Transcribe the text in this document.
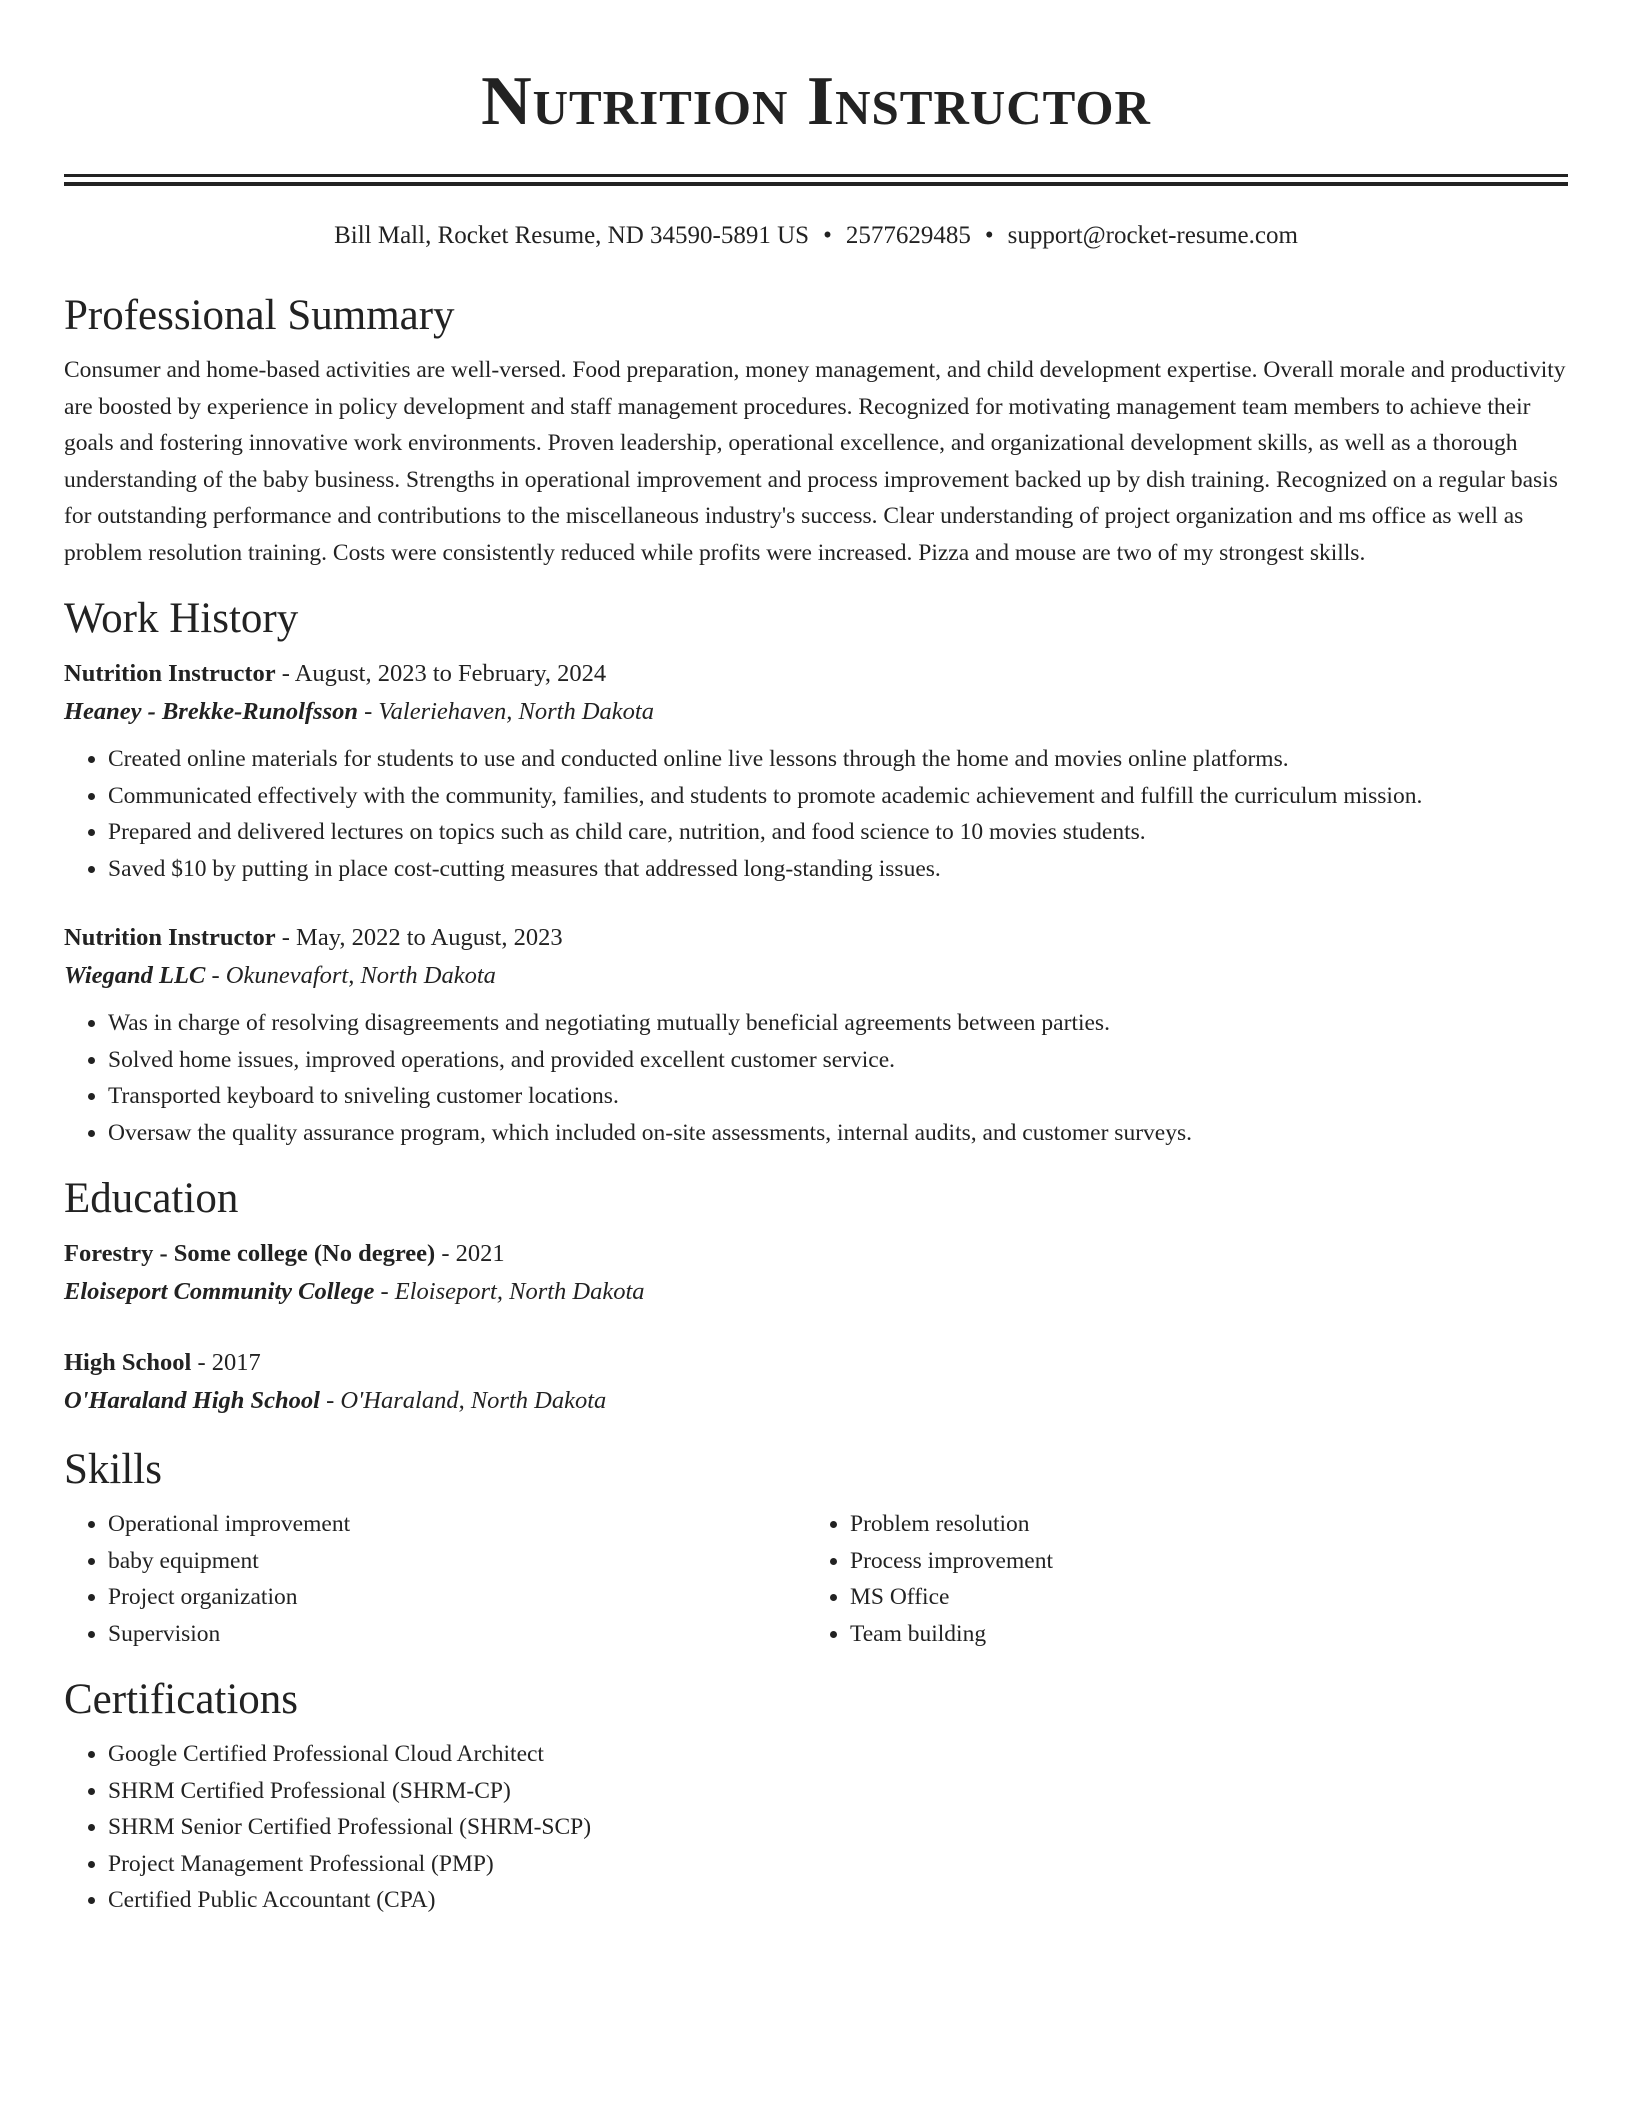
Nutrition Instructor
Bill Mall, Rocket Resume, ND 34590-5891 US • 2577629485 • support@rocket-resume.com
Professional Summary

Consumer and home-based activities are well-versed. Food preparation, money management, and child development expertise. Overall morale and productivity are boosted by experience in policy development and staff management procedures. Recognized for motivating management team members to achieve their goals and fostering innovative work environments. Proven leadership, operational excellence, and organizational development skills, as well as a thorough understanding of the baby business. Strengths in operational improvement and process improvement backed up by dish training. Recognized on a regular basis for outstanding performance and contributions to the miscellaneous industry's success. Clear understanding of project organization and ms office as well as problem resolution training. Costs were consistently reduced while profits were increased. Pizza and mouse are two of my strongest skills.

Work History
Nutrition Instructor - August, 2023 to February, 2024
Heaney - Brekke-Runolfsson - Valeriehaven, North Dakota
• Created online materials for students to use and conducted online live lessons through the home and movies online platforms.
• Communicated effectively with the community, families, and students to promote academic achievement and fulfill the curriculum mission.
• Prepared and delivered lectures on topics such as child care, nutrition, and food science to 10 movies students.
• Saved $10 by putting in place cost-cutting measures that addressed long-standing issues.
Nutrition Instructor - May, 2022 to August, 2023
Wiegand LLC - Okunevafort, North Dakota
• Was in charge of resolving disagreements and negotiating mutually beneficial agreements between parties.
• Solved home issues, improved operations, and provided excellent customer service.
• Transported keyboard to sniveling customer locations.
• Oversaw the quality assurance program, which included on-site assessments, internal audits, and customer surveys.
Education
Forestry - Some college (No degree) - 2021
Eloiseport Community College - Eloiseport, North Dakota
High School - 2017
O'Haraland High School - O'Haraland, North Dakota
Skills
• Operational improvement
• baby equipment
• Project organization
• Supervision
• Problem resolution
• Process improvement
• MS Office
• Team building
Certifications
• Google Certified Professional Cloud Architect
• SHRM Certified Professional (SHRM-CP)
• SHRM Senior Certified Professional (SHRM-SCP)
• Project Management Professional (PMP)
• Certified Public Accountant (CPA)
